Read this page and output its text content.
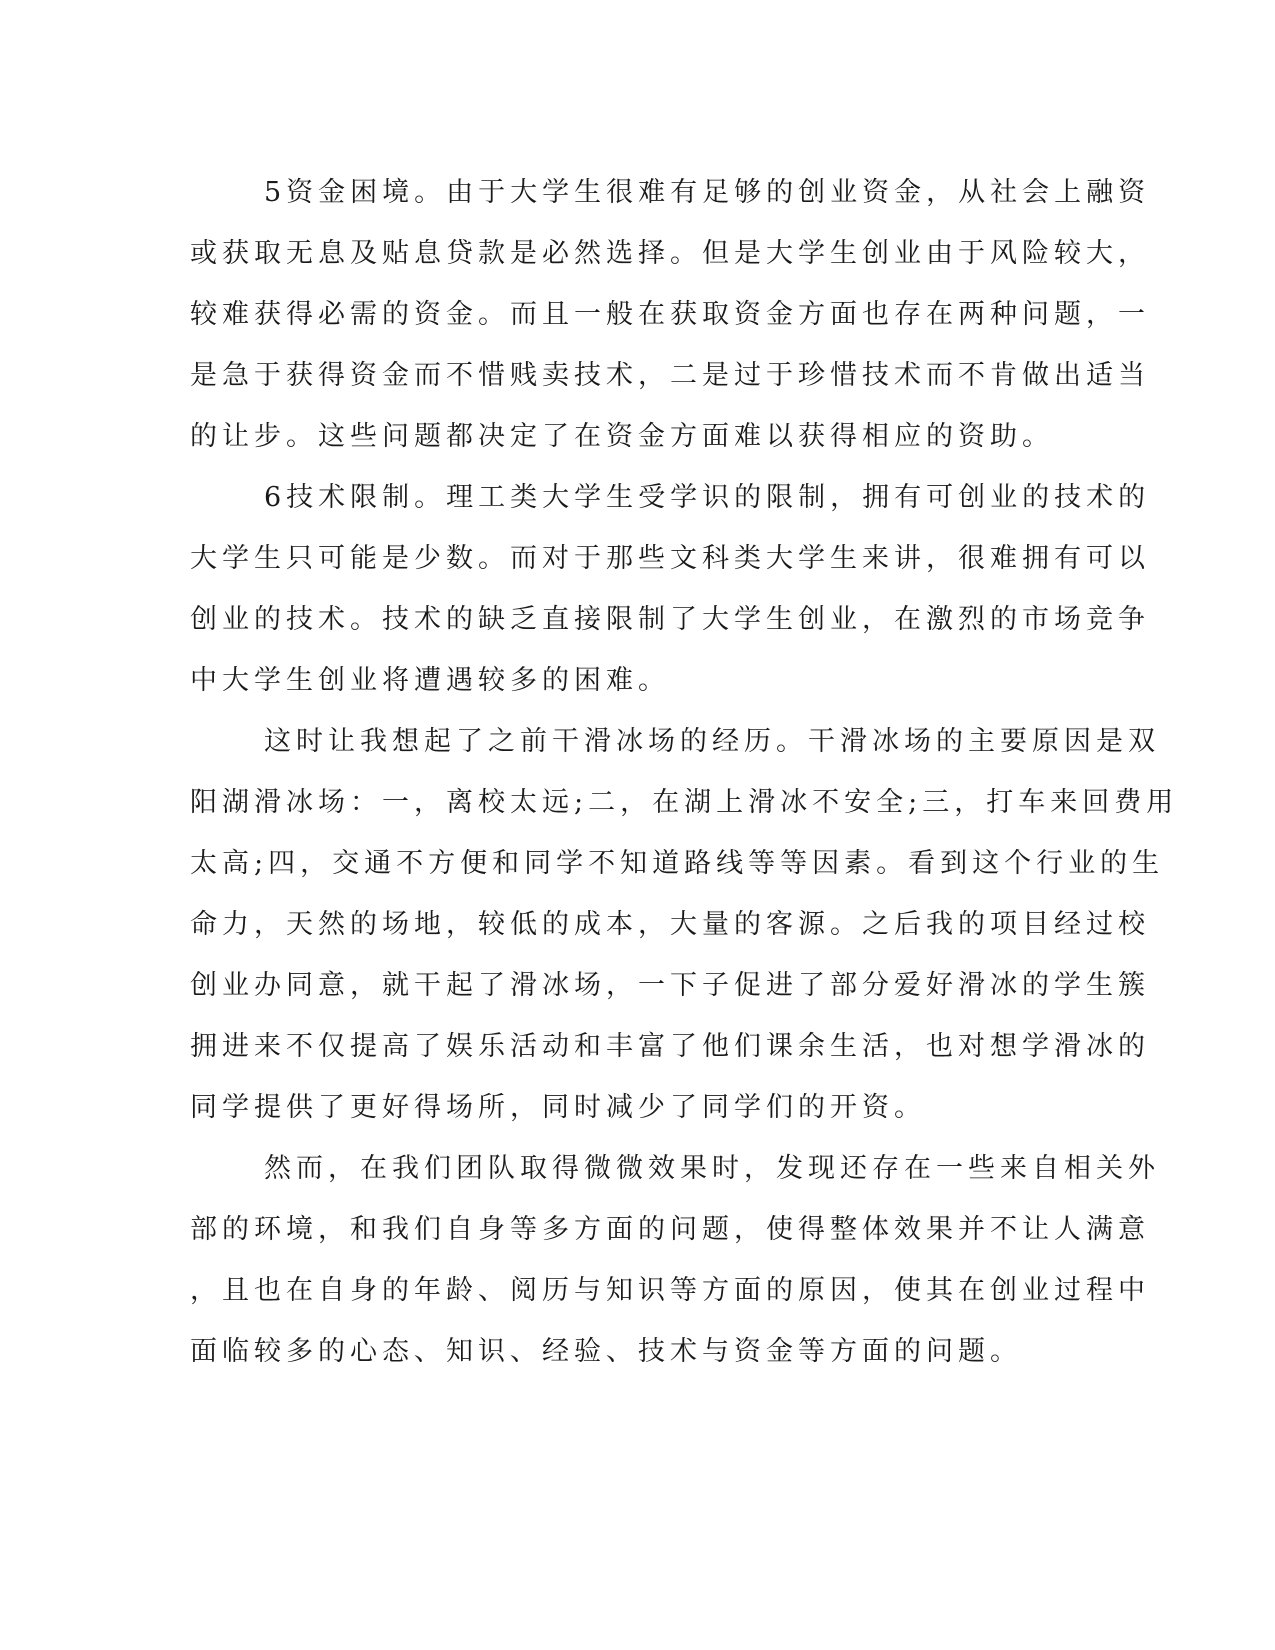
5资金困境。由于大学生很难有足够的创业资金，从社会上融资
或获取无息及贴息贷款是必然选择。但是大学生创业由于风险较大，
较难获得必需的资金。而且一般在获取资金方面也存在两种问题，一
是急于获得资金而不惜贱卖技术，二是过于珍惜技术而不肯做出适当
的让步。这些问题都决定了在资金方面难以获得相应的资助。
6技术限制。理工类大学生受学识的限制，拥有可创业的技术的
大学生只可能是少数。而对于那些文科类大学生来讲，很难拥有可以
创业的技术。技术的缺乏直接限制了大学生创业，在激烈的市场竞争
中大学生创业将遭遇较多的困难。
这时让我想起了之前干滑冰场的经历。干滑冰场的主要原因是双
阳湖滑冰场：一，离校太远;二，在湖上滑冰不安全;三，打车来回费用
太高;四，交通不方便和同学不知道路线等等因素。看到这个行业的生
命力，天然的场地，较低的成本，大量的客源。之后我的项目经过校
创业办同意，就干起了滑冰场，一下子促进了部分爱好滑冰的学生簇
拥进来不仅提高了娱乐活动和丰富了他们课余生活，也对想学滑冰的
同学提供了更好得场所，同时减少了同学们的开资。
然而，在我们团队取得微微效果时，发现还存在一些来自相关外
部的环境，和我们自身等多方面的问题，使得整体效果并不让人满意
，且也在自身的年龄、阅历与知识等方面的原因，使其在创业过程中
面临较多的心态、知识、经验、技术与资金等方面的问题。
